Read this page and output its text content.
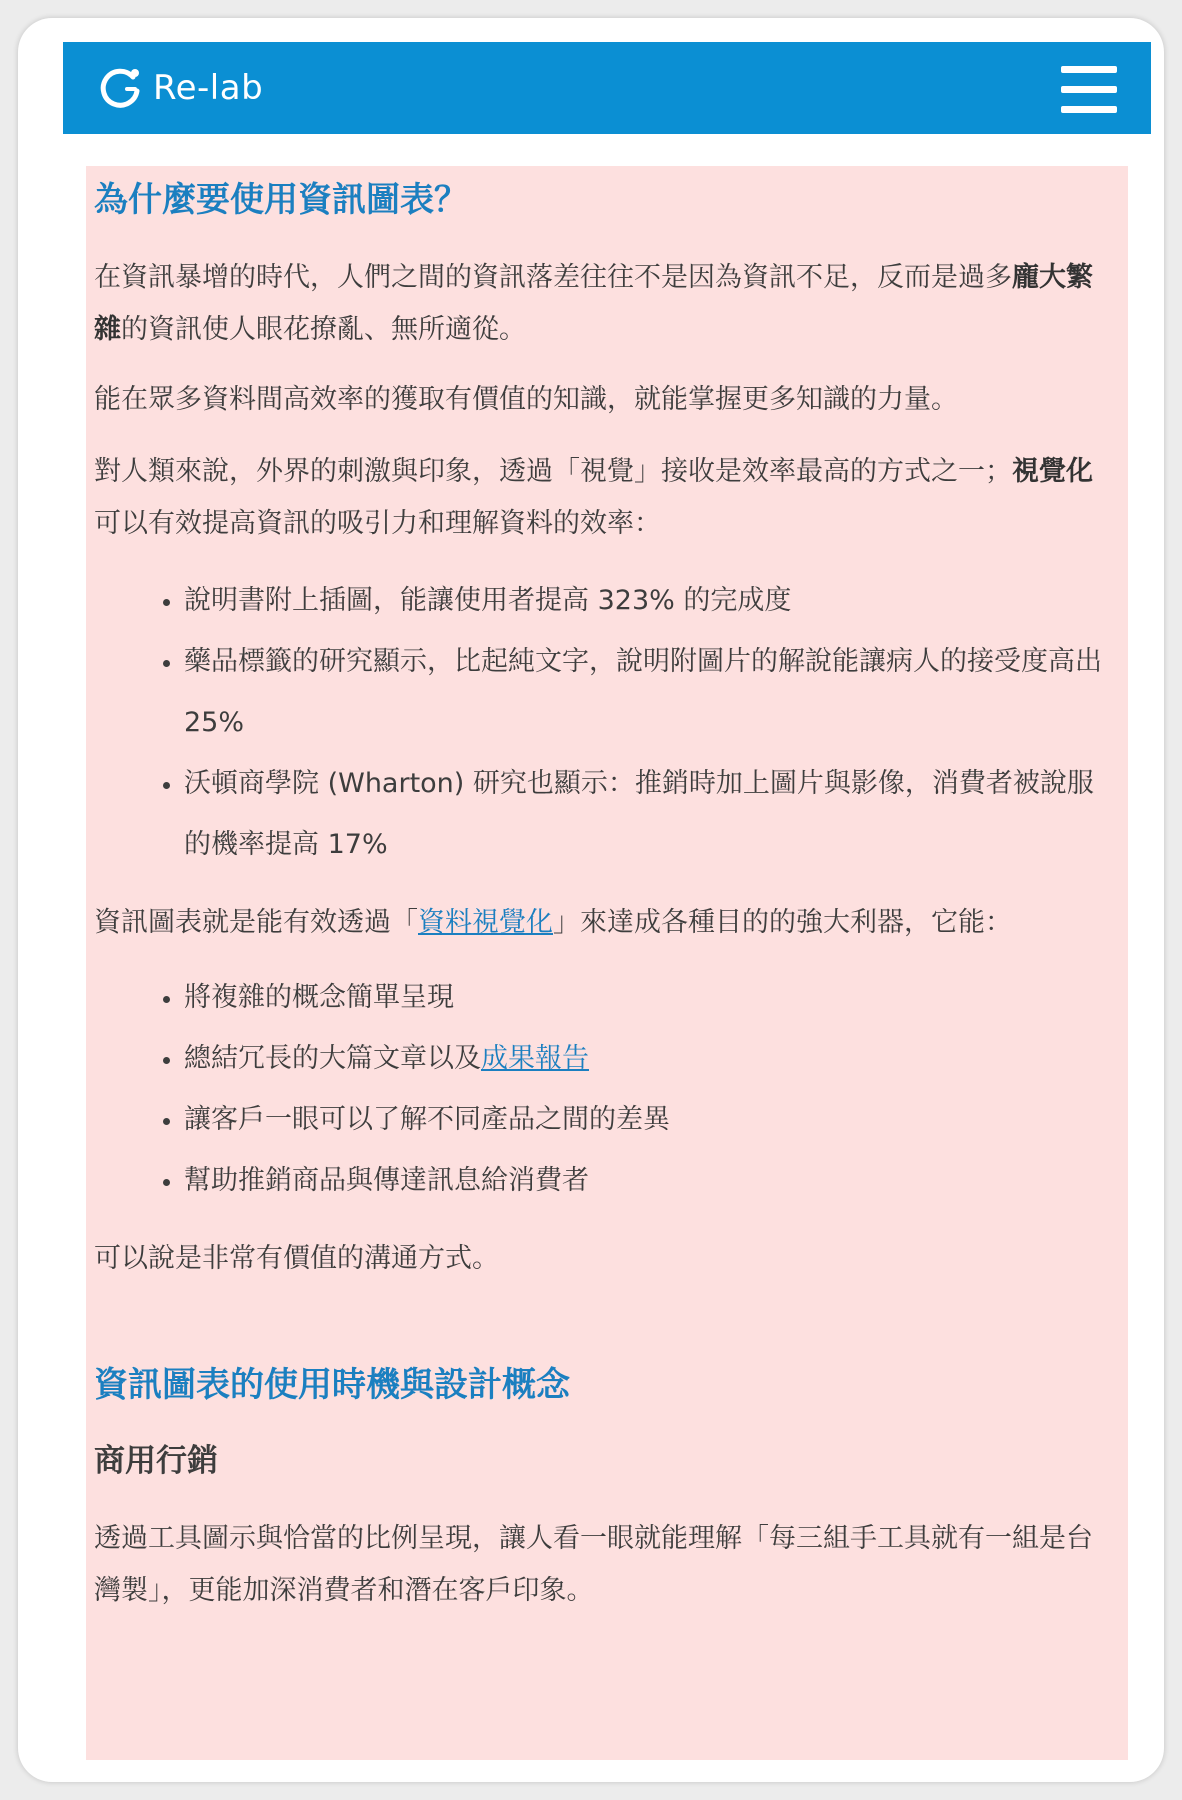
Re-lab
為什麼要使用資訊圖表？

在資訊暴增的時代，人們之間的資訊落差往往不是因為資訊不足，反而是過多龐大繁雜的資訊使人眼花撩亂、無所適從。

能在眾多資料間高效率的獲取有價值的知識，就能掌握更多知識的力量。

對人類來說，外界的刺激與印象，透過「視覺」接收是效率最高的方式之一；視覺化可以有效提高資訊的吸引力和理解資料的效率：

• 說明書附上插圖，能讓使用者提高 323% 的完成度
• 藥品標籤的研究顯示，比起純文字，說明附圖片的解說能讓病人的接受度高出 25%
• 沃頓商學院 (Wharton) 研究也顯示：推銷時加上圖片與影像，消費者被說服的機率提高 17%

資訊圖表就是能有效透過「資料視覺化」來達成各種目的的強大利器，它能：

• 將複雜的概念簡單呈現
• 總結冗長的大篇文章以及成果報告
• 讓客戶一眼可以了解不同產品之間的差異
• 幫助推銷商品與傳達訊息給消費者

可以說是非常有價值的溝通方式。

資訊圖表的使用時機與設計概念
商用行銷

透過工具圖示與恰當的比例呈現，讓人看一眼就能理解「每三組手工具就有一組是台灣製」，更能加深消費者和潛在客戶印象。
